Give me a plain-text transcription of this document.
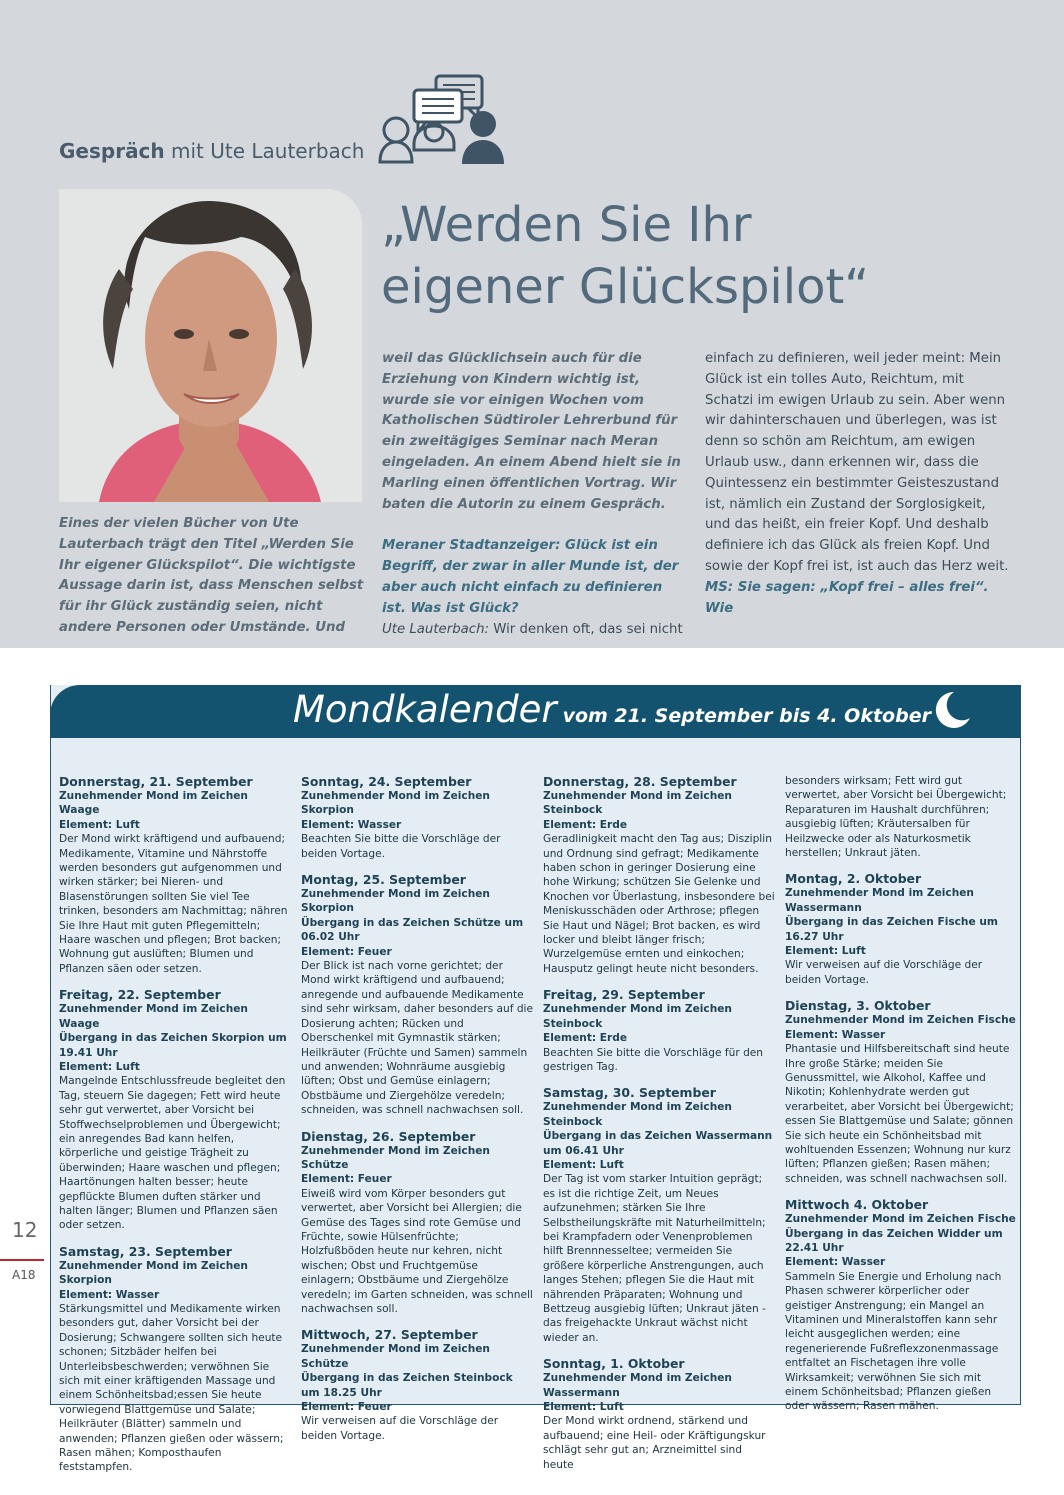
Gespräch mit Ute Lauterbach
„Werden Sie Ihr
eigener Glückspilot“
Eines der vielen Bücher von Ute Lauterbach trägt den Titel „Werden Sie Ihr eigener Glückspilot“. Die wichtigste Aussage darin ist, dass Menschen selbst für ihr Glück zuständig seien, nicht andere Personen oder Umstände. Und
weil das Glücklichsein auch für die Erziehung von Kindern wichtig ist, wurde sie vor einigen Wochen vom Katholischen Südtiroler Lehrerbund für ein zweitägiges Seminar nach Meran eingeladen. An einem Abend hielt sie in Marling einen öffentlichen Vortrag. Wir baten die Autorin zu einem Gespräch.
Meraner Stadtanzeiger: Glück ist ein Begriff, der zwar in aller Munde ist, der aber auch nicht einfach zu definieren ist. Was ist Glück?
Ute Lauterbach: Wir denken oft, das sei nicht
einfach zu definieren, weil jeder meint: Mein Glück ist ein tolles Auto, Reichtum, mit Schatzi im ewigen Urlaub zu sein. Aber wenn wir dahinterschauen und überlegen, was ist denn so schön am Reichtum, am ewigen Urlaub usw., dann erkennen wir, dass die Quintessenz ein bestimmter Geisteszustand ist, nämlich ein Zustand der Sorglosigkeit, und das heißt, ein freier Kopf. Und deshalb definiere ich das Glück als freien Kopf. Und sowie der Kopf frei ist, ist auch das Herz weit.
MS: Sie sagen: „Kopf frei – alles frei“. Wie
Mondkalender vom 21. September bis 4. Oktober
Donnerstag, 21. September
Zunehmender Mond im Zeichen Waage
Element: Luft
Der Mond wirkt kräftigend und aufbauend; Medikamente, Vitamine und Nährstoffe werden besonders gut aufgenommen und wirken stärker; bei Nieren- und Blasenstörungen sollten Sie viel Tee trinken, besonders am Nachmittag; nähren Sie Ihre Haut mit guten Pflegemitteln; Haare waschen und pflegen; Brot backen; Wohnung gut auslüften; Blumen und Pflanzen säen oder setzen.
Freitag, 22. September
Zunehmender Mond im Zeichen Waage
Übergang in das Zeichen Skorpion um 19.41 Uhr
Element: Luft
Mangelnde Entschlussfreude begleitet den Tag, steuern Sie dagegen; Fett wird heute sehr gut verwertet, aber Vorsicht bei Stoffwechselproblemen und Übergewicht; ein anregendes Bad kann helfen, körperliche und geistige Trägheit zu überwinden; Haare waschen und pflegen; Haartönungen halten besser; heute gepflückte Blumen duften stärker und halten länger; Blumen und Pflanzen säen oder setzen.
Samstag, 23. September
Zunehmender Mond im Zeichen Skorpion
Element: Wasser
Stärkungsmittel und Medikamente wirken besonders gut, daher Vorsicht bei der Dosierung; Schwangere sollten sich heute schonen; Sitzbäder helfen bei Unterleibsbeschwerden; verwöhnen Sie sich mit einer kräftigenden Massage und einem Schönheitsbad;essen Sie heute vorwiegend Blattgemüse und Salate; Heilkräuter (Blätter) sammeln und anwenden; Pflanzen gießen oder wässern; Rasen mähen; Komposthaufen feststampfen.
Sonntag, 24. September
Zunehmender Mond im Zeichen Skorpion
Element: Wasser
Beachten Sie bitte die Vorschläge der beiden Vortage.
Montag, 25. September
Zunehmender Mond im Zeichen Skorpion
Übergang in das Zeichen Schütze um 06.02 Uhr
Element: Feuer
Der Blick ist nach vorne gerichtet; der Mond wirkt kräftigend und aufbauend; anregende und aufbauende Medikamente sind sehr wirksam, daher besonders auf die Dosierung achten; Rücken und Oberschenkel mit Gymnastik stärken; Heilkräuter (Früchte und Samen) sammeln und anwenden; Wohnräume ausgiebig lüften; Obst und Gemüse einlagern; Obstbäume und Ziergehölze veredeln; schneiden, was schnell nachwachsen soll.
Dienstag, 26. September
Zunehmender Mond im Zeichen Schütze
Element: Feuer
Eiweiß wird vom Körper besonders gut verwertet, aber Vorsicht bei Allergien; die Gemüse des Tages sind rote Gemüse und Früchte, sowie Hülsenfrüchte; Holzfußböden heute nur kehren, nicht wischen; Obst und Fruchtgemüse einlagern; Obstbäume und Ziergehölze veredeln; im Garten schneiden, was schnell nachwachsen soll.
Mittwoch, 27. September
Zunehmender Mond im Zeichen Schütze
Übergang in das Zeichen Steinbock um 18.25 Uhr
Element: Feuer
Wir verweisen auf die Vorschläge der beiden Vortage.
Donnerstag, 28. September
Zunehmender Mond im Zeichen Steinbock
Element: Erde
Geradlinigkeit macht den Tag aus; Disziplin und Ordnung sind gefragt; Medikamente haben schon in geringer Dosierung eine hohe Wirkung; schützen Sie Gelenke und Knochen vor Überlastung, insbesondere bei Meniskusschäden oder Arthrose; pflegen Sie Haut und Nägel; Brot backen, es wird locker und bleibt länger frisch; Wurzelgemüse ernten und einkochen; Hausputz gelingt heute nicht besonders.
Freitag, 29. September
Zunehmender Mond im Zeichen Steinbock
Element: Erde
Beachten Sie bitte die Vorschläge für den gestrigen Tag.
Samstag, 30. September
Zunehmender Mond im Zeichen Steinbock
Übergang in das Zeichen Wassermann um 06.41 Uhr
Element: Luft
Der Tag ist vom starker Intuition geprägt; es ist die richtige Zeit, um Neues aufzunehmen; stärken Sie Ihre Selbstheilungskräfte mit Naturheilmitteln; bei Krampfadern oder Venenproblemen hilft Brennnesseltee; vermeiden Sie größere körperliche Anstrengungen, auch langes Stehen; pflegen Sie die Haut mit nährenden Präparaten; Wohnung und Bettzeug ausgiebig lüften; Unkraut jäten - das freigehackte Unkraut wächst nicht wieder an.
Sonntag, 1. Oktober
Zunehmender Mond im Zeichen Wassermann
Element: Luft
Der Mond wirkt ordnend, stärkend und aufbauend; eine Heil- oder Kräftigungskur schlägt sehr gut an; Arzneimittel sind heute
besonders wirksam; Fett wird gut verwertet, aber Vorsicht bei Übergewicht; Reparaturen im Haushalt durchführen; ausgiebig lüften; Kräutersalben für Heilzwecke oder als Naturkosmetik herstellen; Unkraut jäten.
Montag, 2. Oktober
Zunehmender Mond im Zeichen Wassermann
Übergang in das Zeichen Fische um 16.27 Uhr
Element: Luft
Wir verweisen auf die Vorschläge der beiden Vortage.
Dienstag, 3. Oktober
Zunehmender Mond im Zeichen Fische
Element: Wasser
Phantasie und Hilfsbereitschaft sind heute Ihre große Stärke; meiden Sie Genussmittel, wie Alkohol, Kaffee und Nikotin; Kohlenhydrate werden gut verarbeitet, aber Vorsicht bei Übergewicht; essen Sie Blattgemüse und Salate; gönnen Sie sich heute ein Schönheitsbad mit wohltuenden Essenzen; Wohnung nur kurz lüften; Pflanzen gießen; Rasen mähen; schneiden, was schnell nachwachsen soll.
Mittwoch 4. Oktober
Zunehmender Mond im Zeichen Fische
Übergang in das Zeichen Widder um 22.41 Uhr
Element: Wasser
Sammeln Sie Energie und Erholung nach Phasen schwerer körperlicher oder geistiger Anstrengung; ein Mangel an Vitaminen und Mineralstoffen kann sehr leicht ausgeglichen werden; eine regenerierende Fußreflexzonenmassage entfaltet an Fischetagen ihre volle Wirksamkeit; verwöhnen Sie sich mit einem Schönheitsbad; Pflanzen gießen oder wässern; Rasen mähen.
12
A18
